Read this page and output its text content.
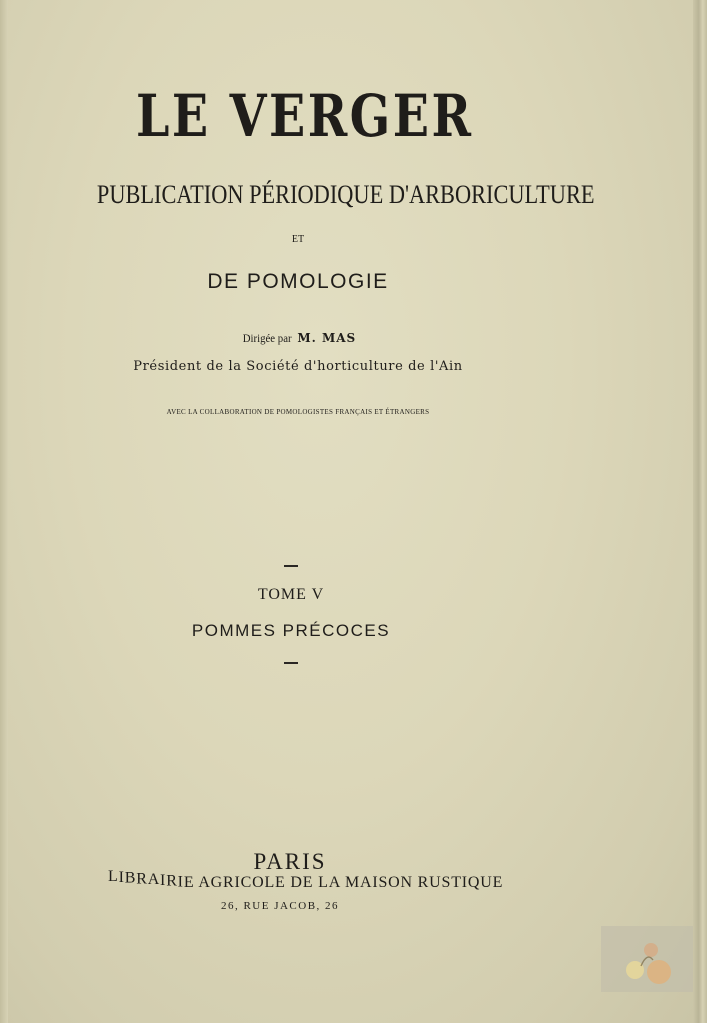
LE VERGER
PUBLICATION PÉRIODIQUE D'ARBORICULTURE
ET
DE POMOLOGIE
Dirigée par M. MAS
Président de la Société d'horticulture de l'Ain
AVEC LA COLLABORATION DE POMOLOGISTES FRANÇAIS ET ÉTRANGERS
TOME V
POMMES PRÉCOCES
PARIS
LIBRAIRIE AGRICOLE DE LA MAISON RUSTIQUE
26, RUE JACOB, 26
